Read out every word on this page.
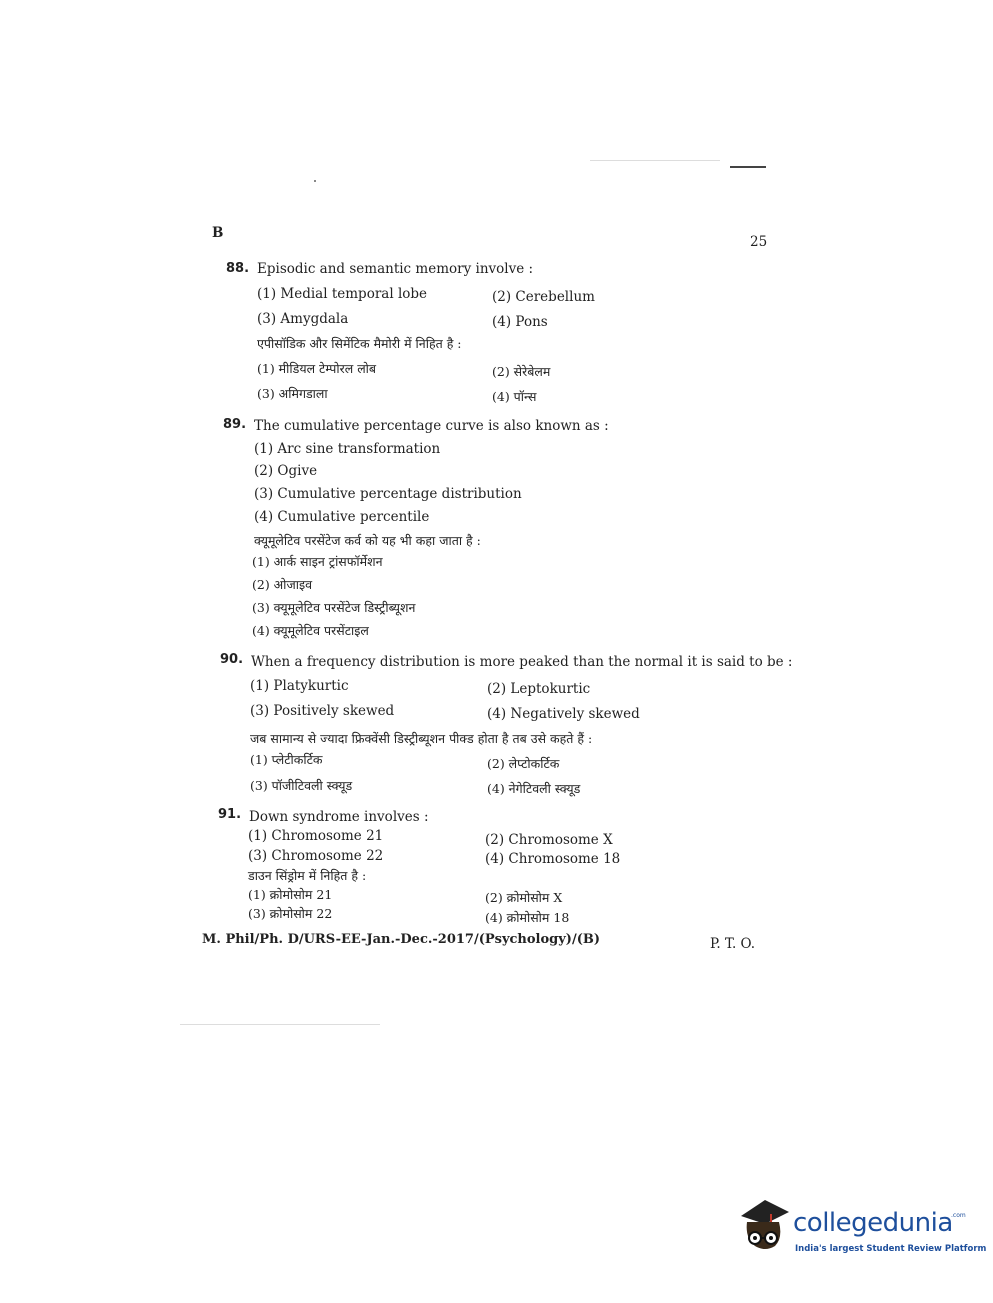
B
25
88. Episodic and semantic memory involve :
(1) Medial temporal lobe	(2) Cerebellum
(3) Amygdala	(4) Pons
एपीसॉडिक और सिमेंटिक मैमोरी में निहित है :
(1) मीडियल टेम्पोरल लोब	(2) सेरेबेलम
(3) अमिगडाला	(4) पॉन्स
89. The cumulative percentage curve is also known as :
(1) Arc sine transformation
(2) Ogive
(3) Cumulative percentage distribution
(4) Cumulative percentile
क्यूमूलेटिव परसेंटेज कर्व को यह भी कहा जाता है :
(1) आर्क साइन ट्रांसफॉर्मेशन
(2) ओजाइव
(3) क्यूमूलेटिव परसेंटेज डिस्ट्रीब्यूशन
(4) क्यूमूलेटिव परसेंटाइल
90. When a frequency distribution is more peaked than the normal it is said to be :
(1) Platykurtic	(2) Leptokurtic
(3) Positively skewed	(4) Negatively skewed
जब सामान्य से ज्यादा फ्रिक्वेंसी डिस्ट्रीब्यूशन पीक्ड होता है तब उसे कहते हैं :
(1) प्लेटीकर्टिक	(2) लेप्टोकर्टिक
(3) पॉजीटिवली स्क्यूड	(4) नेगेटिवली स्क्यूड
91. Down syndrome involves :
(1) Chromosome 21	(2) Chromosome X
(3) Chromosome 22	(4) Chromosome 18
डाउन सिंड्रोम में निहित है :
(1) क्रोमोसोम 21	(2) क्रोमोसोम X
(3) क्रोमोसोम 22	(4) क्रोमोसोम 18
M. Phil/Ph. D/URS-EE-Jan.-Dec.-2017/(Psychology)/(B)	P. T. O.
collegedunia
.com
India's largest Student Review Platform
